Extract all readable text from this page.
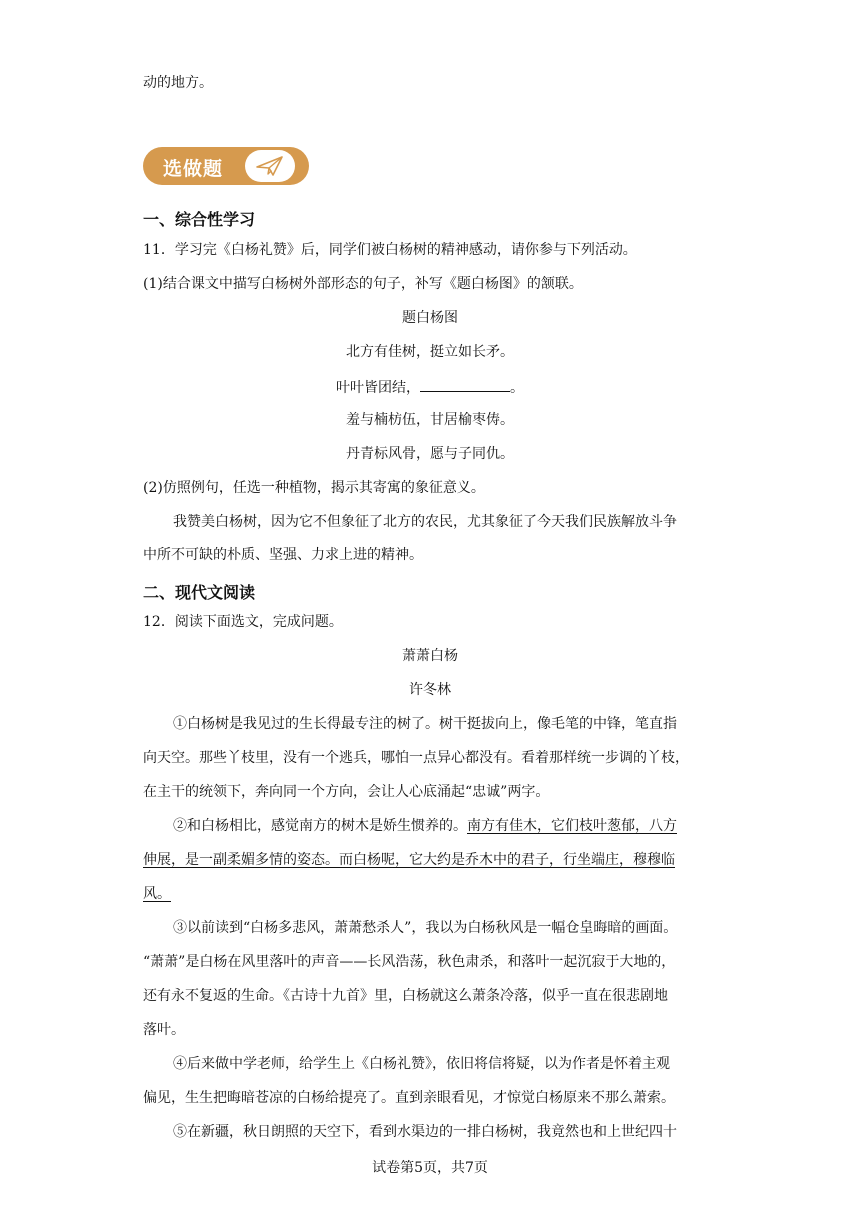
动的地方。
选做题
一、综合性学习
11．学习完《白杨礼赞》后，同学们被白杨树的精神感动，请你参与下列活动。
(1)结合课文中描写白杨树外部形态的句子，补写《题白杨图》的颔联。
题白杨图
北方有佳树，挺立如长矛。
叶叶皆团结，	。
羞与楠枋伍，甘居榆枣俦。
丹青标风骨，愿与子同仇。
(2)仿照例句，任选一种植物，揭示其寄寓的象征意义。
我赞美白杨树，因为它不但象征了北方的农民，尤其象征了今天我们民族解放斗争
中所不可缺的朴质、坚强、力求上进的精神。
二、现代文阅读
12．阅读下面选文，完成问题。
萧萧白杨
许冬林
①白杨树是我见过的生长得最专注的树了。树干挺拔向上，像毛笔的中锋，笔直指
向天空。那些丫枝里，没有一个逃兵，哪怕一点异心都没有。看着那样统一步调的丫枝，
在主干的统领下，奔向同一个方向，会让人心底涌起“忠诚”两字。
②和白杨相比，感觉南方的树木是娇生惯养的。南方有佳木，它们枝叶葱郁，八方
伸展，是一副柔媚多情的姿态。而白杨呢，它大约是乔木中的君子，行坐端庄，穆穆临
风。
③以前读到“白杨多悲风，萧萧愁杀人”，我以为白杨秋风是一幅仓皇晦暗的画面。
“萧萧”是白杨在风里落叶的声音——长风浩荡，秋色肃杀，和落叶一起沉寂于大地的，
还有永不复返的生命。《古诗十九首》里，白杨就这么萧条冷落，似乎一直在很悲剧地
落叶。
④后来做中学老师，给学生上《白杨礼赞》，依旧将信将疑，以为作者是怀着主观
偏见，生生把晦暗苍凉的白杨给提亮了。直到亲眼看见，才惊觉白杨原来不那么萧索。
⑤在新疆，秋日朗照的天空下，看到水渠边的一排白杨树，我竟然也和上世纪四十
试卷第5页，共7页
